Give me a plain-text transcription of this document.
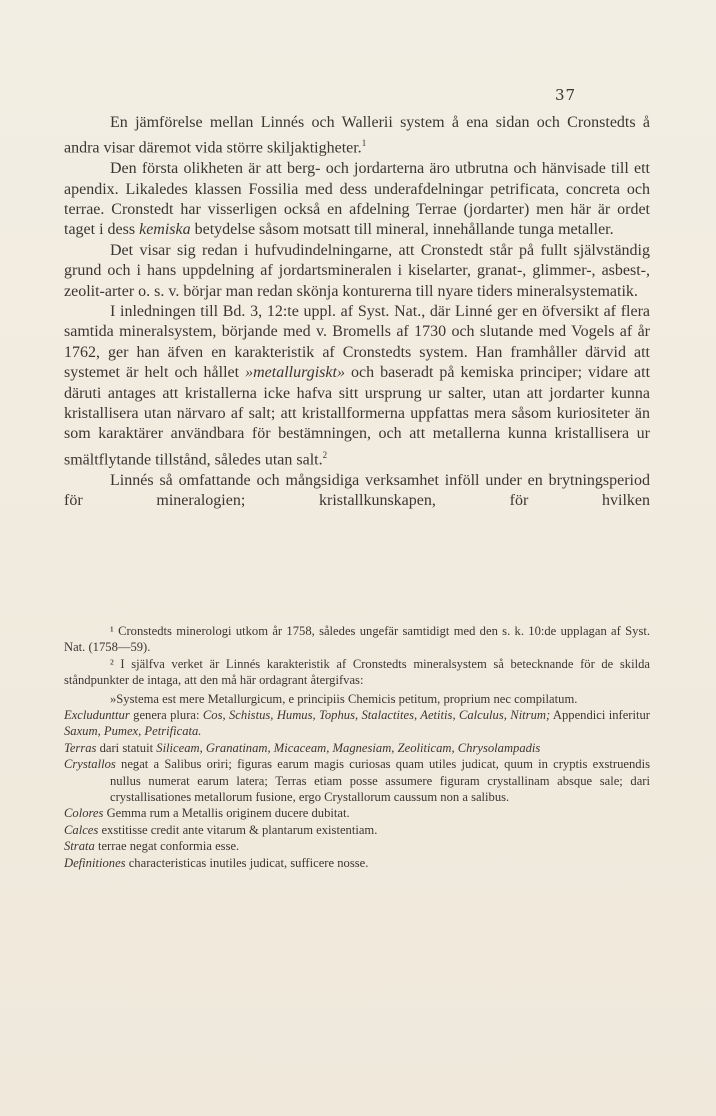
37

En jämförelse mellan Linnés och Wallerii system å ena sidan och Cronstedts å andra visar däremot vida större skiljaktigheter.$^1$

Den första olikheten är att berg- och jordarterna äro utbrutna och hänvisade till ett apendix. Likaledes klassen Fossilia med dess underafdelningar petrificata, concreta och terrae. Cronstedt har visserligen också en afdelning Terrae (jordarter) men här är ordet taget i dess kemiska betydelse såsom motsatt till mineral, innehållande tunga metaller.

Det visar sig redan i hufvudindelningarne, att Cronstedt står på fullt självständig grund och i hans uppdelning af jordartsmineralen i kiselarter, granat-, glimmer-, asbest-, zeolit-arter o. s. v. börjar man redan skönja konturerna till nyare tiders mineralsystematik.

I inledningen till Bd. 3, 12:te uppl. af Syst. Nat., där Linné ger en öfversikt af flera samtida mineralsystem, börjande med v. Bromells af 1730 och slutande med Vogels af år 1762, ger han äfven en karakteristik af Cronstedts system. Han framhåller därvid att systemet är helt och hållet »metallurgiskt» och baseradt på kemiska principer; vidare att däruti antages att kristallerna icke hafva sitt ursprung ur salter, utan att jordarter kunna kristallisera utan närvaro af salt; att kristallformerna uppfattas mera såsom kuriositeter än som karaktärer användbara för bestämningen, och att metallerna kunna kristallisera ur smältflytande tillstånd, således utan salt.$^2$

Linnés så omfattande och mångsidiga verksamhet inföll under en brytningsperiod för mineralogien; kristallkunskapen, för hvilken

¹ Cronstedts minerologi utkom år 1758, således ungefär samtidigt med den s. k. 10:de upplagan af Syst. Nat. (1758—59).

² I själfva verket är Linnés karakteristik af Cronstedts mineralsystem så betecknande för de skilda ståndpunkter de intaga, att den må här ordagrant återgifvas:

»Systema est mere Metallurgicum, e principiis Chemicis petitum, proprium nec compilatum.

Excludunttur genera plura: Cos, Schistus, Humus, Tophus, Stalactites, Aetitis, Calculus, Nitrum; Appendici inferitur Saxum, Pumex, Petrificata.

Terras dari statuit Siliceam, Granatinam, Micaceam, Magnesiam, Zeoliticam, Chrysolampadis

Crystallos negat a Salibus oriri; figuras earum magis curiosas quam utiles judicat, quum in cryptis exstruendis nullus numerat earum latera; Terras etiam posse assumere figuram crystallinam absque sale; dari crystallisationes metallorum fusione, ergo Crystallorum caussum non a salibus.

Colores Gemma rum a Metallis originem ducere dubitat.

Calces exstitisse credit ante vitarum & plantarum existentiam.

Strata terrae negat conformia esse.

Definitiones characteristicas inutiles judicat, sufficere nosse.
